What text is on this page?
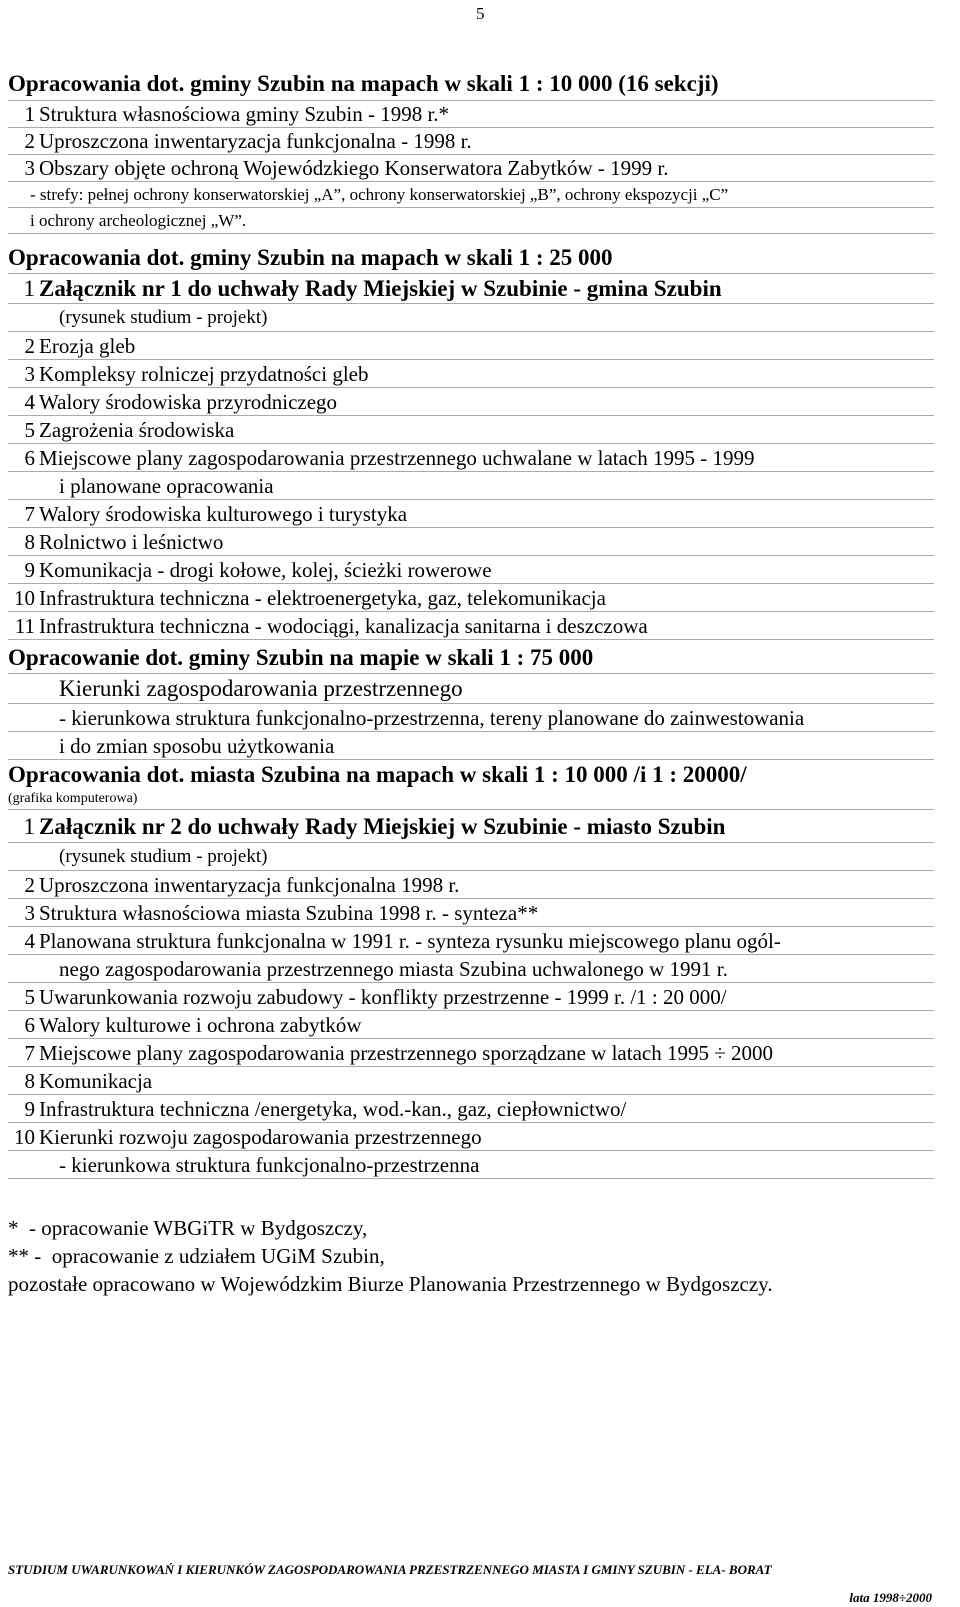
5
Opracowania dot. gminy Szubin na mapach w skali 1 : 10 000 (16 sekcji)
1 Struktura własnościowa gminy Szubin - 1998 r.*
2 Uproszczona inwentaryzacja funkcjonalna - 1998 r.
3 Obszary objęte ochroną Wojewódzkiego Konserwatora Zabytków - 1999 r.
- strefy: pełnej ochrony konserwatorskiej „A”, ochrony konserwatorskiej „B”, ochrony ekspozycji „C”
i ochrony archeologicznej „W”.
Opracowania dot. gminy Szubin na mapach w skali 1 : 25 000
1 Załącznik nr 1 do uchwały Rady Miejskiej w Szubinie - gmina Szubin
(rysunek studium - projekt)
2 Erozja gleb
3 Kompleksy rolniczej przydatności gleb
4 Walory środowiska przyrodniczego
5 Zagrożenia środowiska
6 Miejscowe plany zagospodarowania przestrzennego uchwalane w latach 1995 - 1999
i planowane opracowania
7 Walory środowiska kulturowego i turystyka
8 Rolnictwo i leśnictwo
9 Komunikacja - drogi kołowe, kolej, ścieżki rowerowe
10 Infrastruktura techniczna - elektroenergetyka, gaz, telekomunikacja
11 Infrastruktura techniczna - wodociągi, kanalizacja sanitarna i deszczowa
Opracowanie dot. gminy Szubin na mapie w skali 1 : 75 000
Kierunki zagospodarowania przestrzennego
- kierunkowa struktura funkcjonalno-przestrzenna, tereny planowane do zainwestowania
i do zmian sposobu użytkowania
Opracowania dot. miasta Szubina na mapach w skali 1 : 10 000 /i 1 : 20000/
(grafika komputerowa)
1 Załącznik nr 2 do uchwały Rady Miejskiej w Szubinie - miasto Szubin
(rysunek studium - projekt)
2 Uproszczona inwentaryzacja funkcjonalna 1998 r.
3 Struktura własnościowa miasta Szubina 1998 r. - synteza**
4 Planowana struktura funkcjonalna w 1991 r. - synteza rysunku miejscowego planu ogól-
nego zagospodarowania przestrzennego miasta Szubina uchwalonego w 1991 r.
5 Uwarunkowania rozwoju zabudowy - konflikty przestrzenne - 1999 r. /1 : 20 000/
6 Walory kulturowe i ochrona zabytków
7 Miejscowe plany zagospodarowania przestrzennego sporządzane w latach 1995 ÷ 2000
8 Komunikacja
9 Infrastruktura techniczna /energetyka, wod.-kan., gaz, ciepłownictwo/
10 Kierunki rozwoju zagospodarowania przestrzennego
- kierunkowa struktura funkcjonalno-przestrzenna
*  - opracowanie WBGiTR w Bydgoszczy,
** -  opracowanie z udziałem UGiM Szubin,
pozostałe opracowano w Wojewódzkim Biurze Planowania Przestrzennego w Bydgoszczy.
STUDIUM UWARUNKOWAŃ I KIERUNKÓW ZAGOSPODAROWANIA PRZESTRZENNEGO MIASTA I GMINY SZUBIN - ELA- BORAT
lata 1998÷2000
